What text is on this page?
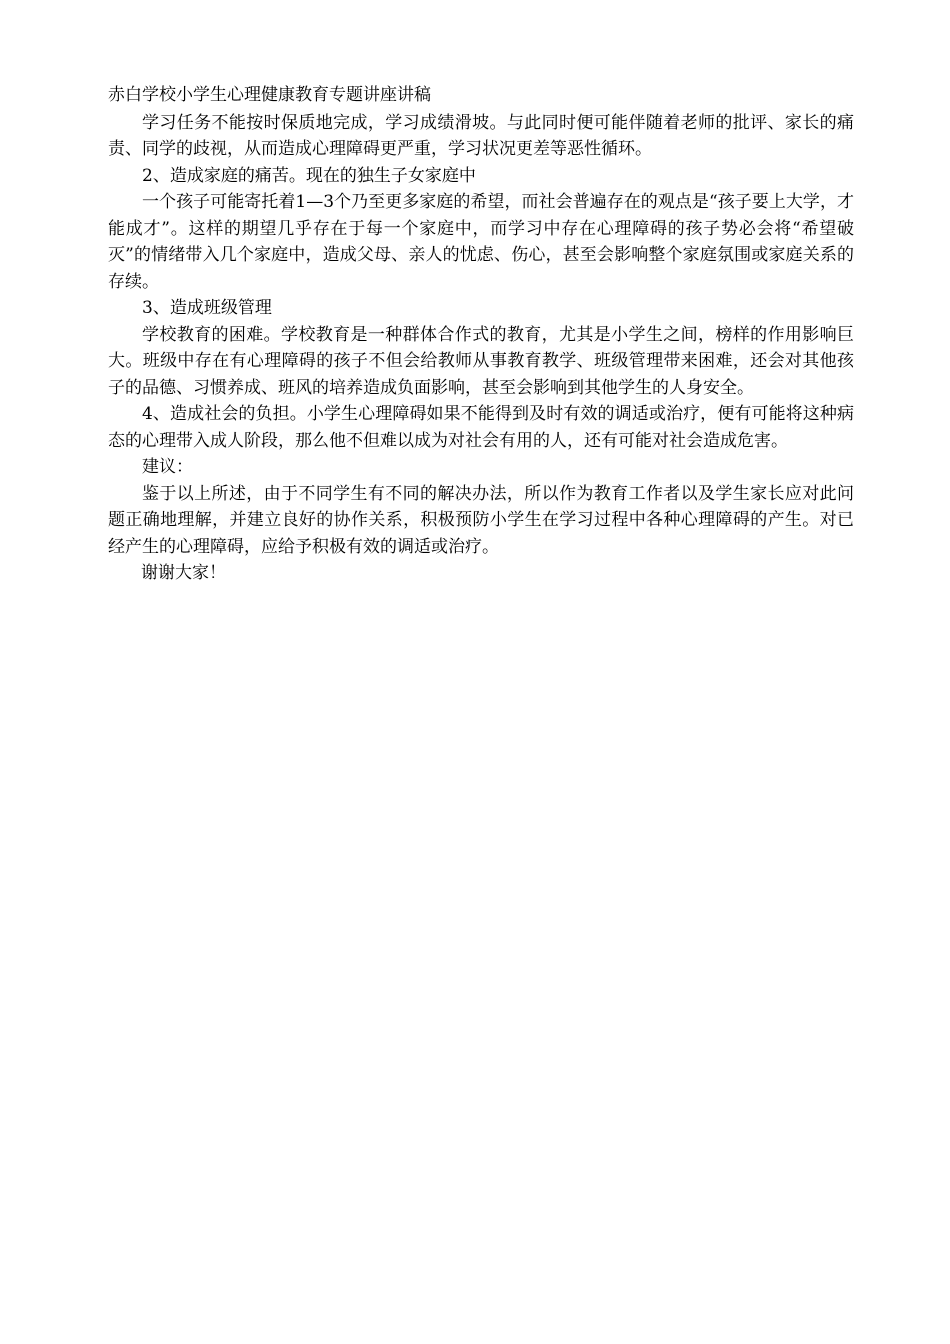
赤白学校小学生心理健康教育专题讲座讲稿

学习任务不能按时保质地完成，学习成绩滑坡。与此同时便可能伴随着老师的批评、家长的痛责、同学的歧视，从而造成心理障碍更严重，学习状况更差等恶性循环。

2、造成家庭的痛苦。现在的独生子女家庭中

一个孩子可能寄托着1—3个乃至更多家庭的希望，而社会普遍存在的观点是“孩子要上大学，才能成才”。这样的期望几乎存在于每一个家庭中，而学习中存在心理障碍的孩子势必会将“希望破灭”的情绪带入几个家庭中，造成父母、亲人的忧虑、伤心，甚至会影响整个家庭氛围或家庭关系的存续。

3、造成班级管理

学校教育的困难。学校教育是一种群体合作式的教育，尤其是小学生之间，榜样的作用影响巨大。班级中存在有心理障碍的孩子不但会给教师从事教育教学、班级管理带来困难，还会对其他孩子的品德、习惯养成、班风的培养造成负面影响，甚至会影响到其他学生的人身安全。

4、造成社会的负担。小学生心理障碍如果不能得到及时有效的调适或治疗，便有可能将这种病态的心理带入成人阶段，那么他不但难以成为对社会有用的人，还有可能对社会造成危害。

建议：

鉴于以上所述，由于不同学生有不同的解决办法，所以作为教育工作者以及学生家长应对此问题正确地理解，并建立良好的协作关系，积极预防小学生在学习过程中各种心理障碍的产生。对已经产生的心理障碍，应给予积极有效的调适或治疗。

谢谢大家！
